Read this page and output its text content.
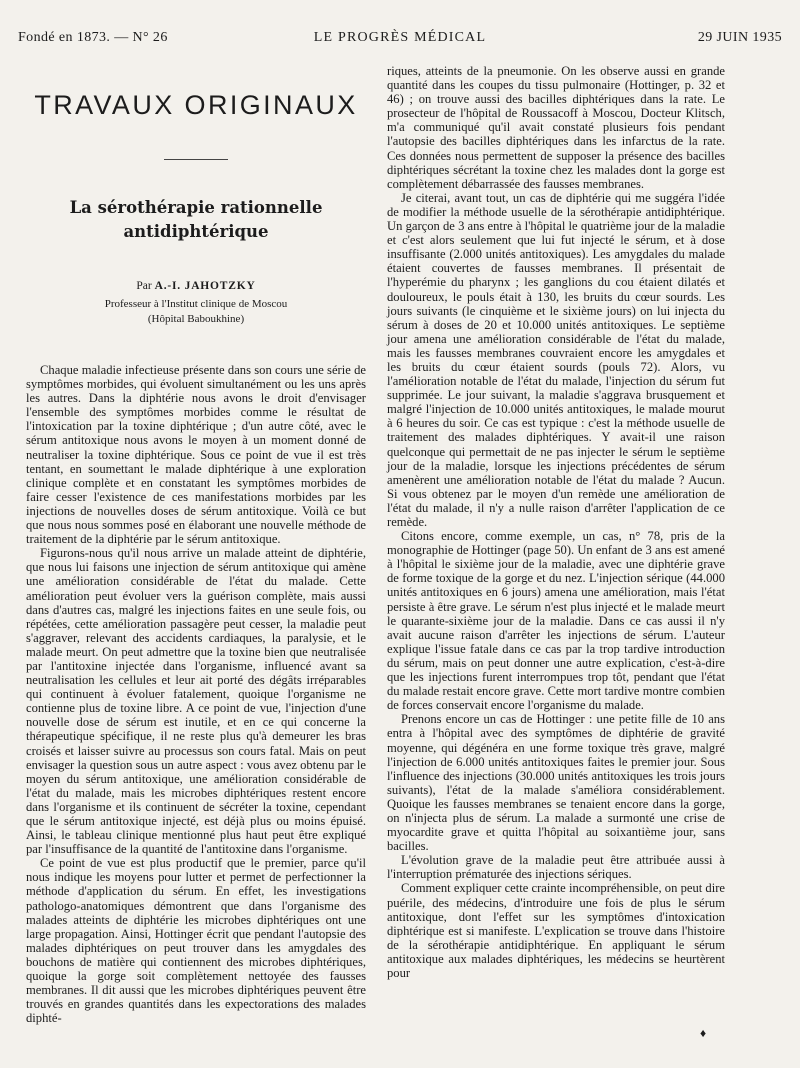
Fondé en 1873. — N° 26	LE PROGRÈS MÉDICAL	29 JUIN 1935
TRAVAUX ORIGINAUX
La sérothérapie rationnelle
antidiphtérique
Par A.-I. JAHOTZKY
Professeur à l'Institut clinique de Moscou
(Hôpital Baboukhine)

Chaque maladie infectieuse présente dans son cours une série de symptômes morbides, qui évoluent simultanément ou les uns après les autres. Dans la diphtérie nous avons le droit d'envisager l'ensemble des symptômes morbides comme le résultat de l'intoxication par la toxine diphtérique ; d'un autre côté, avec le sérum antitoxique nous avons le moyen à un moment donné de neutraliser la toxine diphtérique. Sous ce point de vue il est très tentant, en soumettant le malade diphtérique à une exploration clinique complète et en constatant les symptômes morbides de faire cesser l'existence de ces manifestations morbides par les injections de nouvelles doses de sérum antitoxique. Voilà ce but que nous nous sommes posé en élaborant une nouvelle méthode de traitement de la diphtérie par le sérum antitoxique.

Figurons-nous qu'il nous arrive un malade atteint de diphtérie, que nous lui faisons une injection de sérum antitoxique qui amène une amélioration considérable de l'état du malade. Cette amélioration peut évoluer vers la guérison complète, mais aussi dans d'autres cas, malgré les injections faites en une seule fois, ou répétées, cette amélioration passagère peut cesser, la maladie peut s'aggraver, relevant des accidents cardiaques, la paralysie, et le malade meurt. On peut admettre que la toxine bien que neutralisée par l'antitoxine injectée dans l'organisme, influencé avant sa neutralisation les cellules et leur ait porté des dégâts irréparables qui continuent à évoluer fatalement, quoique l'organisme ne contienne plus de toxine libre. A ce point de vue, l'injection d'une nouvelle dose de sérum est inutile, et en ce qui concerne la thérapeutique spécifique, il ne reste plus qu'à demeurer les bras croisés et laisser suivre au processus son cours fatal. Mais on peut envisager la question sous un autre aspect : vous avez obtenu par le moyen du sérum antitoxique, une amélioration considérable de l'état du malade, mais les microbes diphtériques restent encore dans l'organisme et ils continuent de sécréter la toxine, cependant que le sérum antitoxique injecté, est déjà plus ou moins épuisé. Ainsi, le tableau clinique mentionné plus haut peut être expliqué par l'insuffisance de la quantité de l'antitoxine dans l'organisme.

Ce point de vue est plus productif que le premier, parce qu'il nous indique les moyens pour lutter et permet de perfectionner la méthode d'application du sérum. En effet, les investigations pathologo-anatomiques démontrent que dans l'organisme des malades atteints de diphtérie les microbes diphtériques ont une large propagation. Ainsi, Hottinger écrit que pendant l'autopsie des malades diphtériques on peut trouver dans les amygdales des bouchons de matière qui contiennent des microbes diphtériques, quoique la gorge soit complètement nettoyée des fausses membranes. Il dit aussi que les microbes diphtériques peuvent être trouvés en grandes quantités dans les expectorations des malades diphté-

riques, atteints de la pneumonie. On les observe aussi en grande quantité dans les coupes du tissu pulmonaire (Hottinger, p. 32 et 46) ; on trouve aussi des bacilles diphtériques dans la rate. Le prosecteur de l'hôpital de Roussacoff à Moscou, Docteur Klitsch, m'a communiqué qu'il avait constaté plusieurs fois pendant l'autopsie des bacilles diphtériques dans les infarctus de la rate. Ces données nous permettent de supposer la présence des bacilles diphtériques sécrétant la toxine chez les malades dont la gorge est complètement débarrassée des fausses membranes.

Je citerai, avant tout, un cas de diphtérie qui me suggéra l'idée de modifier la méthode usuelle de la sérothérapie antidiphtérique. Un garçon de 3 ans entre à l'hôpital le quatrième jour de la maladie et c'est alors seulement que lui fut injecté le sérum, et à dose insuffisante (2.000 unités antitoxiques). Les amygdales du malade étaient couvertes de fausses membranes. Il présentait de l'hyperémie du pharynx ; les ganglions du cou étaient dilatés et douloureux, le pouls était à 130, les bruits du cœur sourds. Les jours suivants (le cinquième et le sixième jours) on lui injecta du sérum à doses de 20 et 10.000 unités antitoxiques. Le septième jour amena une amélioration considérable de l'état du malade, mais les fausses membranes couvraient encore les amygdales et les bruits du cœur étaient sourds (pouls 72). Alors, vu l'amélioration notable de l'état du malade, l'injection du sérum fut supprimée. Le jour suivant, la maladie s'aggrava brusquement et malgré l'injection de 10.000 unités antitoxiques, le malade mourut à 6 heures du soir. Ce cas est typique : c'est la méthode usuelle de traitement des malades diphtériques. Y avait-il une raison quelconque qui permettait de ne pas injecter le sérum le septième jour de la maladie, lorsque les injections précédentes de sérum amenèrent une amélioration notable de l'état du malade ? Aucun. Si vous obtenez par le moyen d'un remède une amélioration de l'état du malade, il n'y a nulle raison d'arrêter l'application de ce remède.

Citons encore, comme exemple, un cas, n° 78, pris de la monographie de Hottinger (page 50). Un enfant de 3 ans est amené à l'hôpital le sixième jour de la maladie, avec une diphtérie grave de forme toxique de la gorge et du nez. L'injection sérique (44.000 unités antitoxiques en 6 jours) amena une amélioration, mais l'état persiste à être grave. Le sérum n'est plus injecté et le malade meurt le quarante-sixième jour de la maladie. Dans ce cas aussi il n'y avait aucune raison d'arrêter les injections de sérum. L'auteur explique l'issue fatale dans ce cas par la trop tardive introduction du sérum, mais on peut donner une autre explication, c'est-à-dire que les injections furent interrompues trop tôt, pendant que l'état du malade restait encore grave. Cette mort tardive montre combien de forces conservait encore l'organisme du malade.

Prenons encore un cas de Hottinger : une petite fille de 10 ans entra à l'hôpital avec des symptômes de diphtérie de gravité moyenne, qui dégénéra en une forme toxique très grave, malgré l'injection de 6.000 unités antitoxiques faites le premier jour. Sous l'influence des injections (30.000 unités antitoxiques les trois jours suivants), l'état de la malade s'améliora considérablement. Quoique les fausses membranes se tenaient encore dans la gorge, on n'injecta plus de sérum. La malade a surmonté une crise de myocardite grave et quitta l'hôpital au soixantième jour, sans bacilles.

L'évolution grave de la maladie peut être attribuée aussi à l'interruption prématurée des injections sériques.

Comment expliquer cette crainte incompréhensible, on peut dire puérile, des médecins, d'introduire une fois de plus le sérum antitoxique, dont l'effet sur les symptômes d'intoxication diphtérique est si manifeste. L'explication se trouve dans l'histoire de la sérothérapie antidiphtérique. En appliquant le sérum antitoxique aux malades diphtériques, les médecins se heurtèrent pour

♦
